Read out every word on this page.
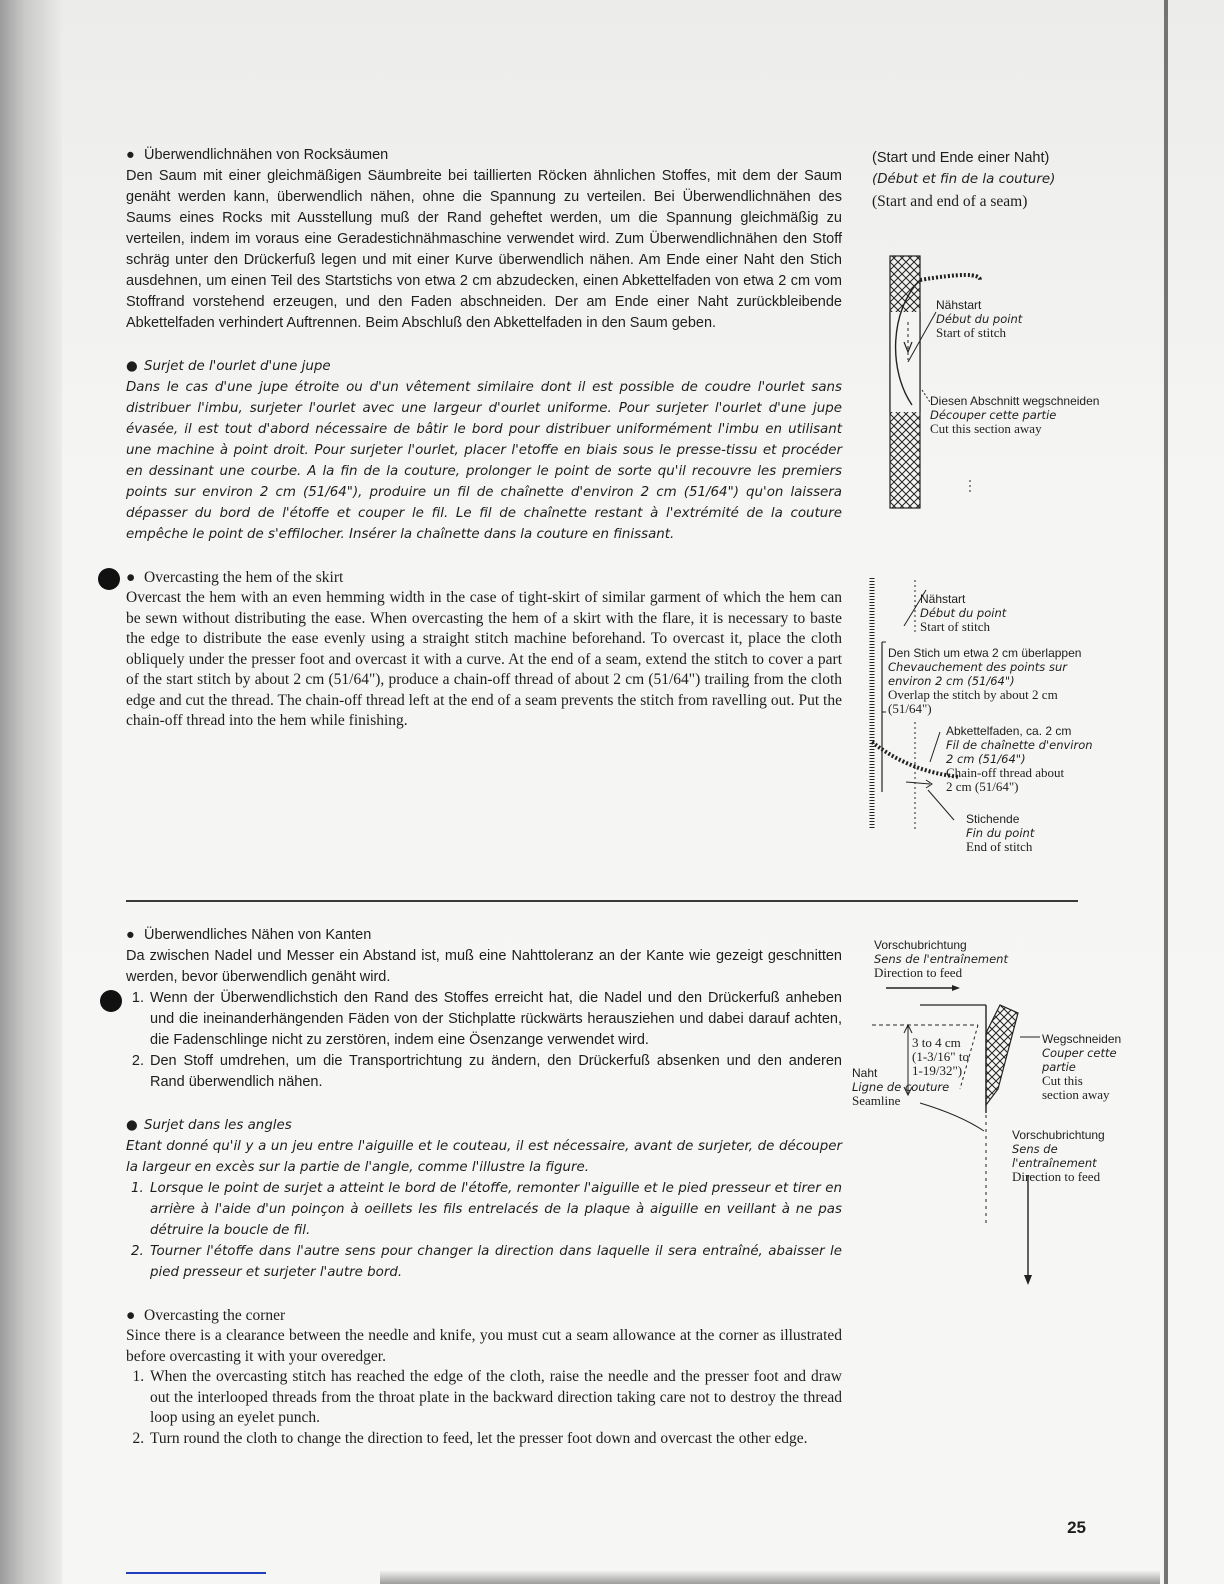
● Überwendlichnähen von Rocksäumen

Den Saum mit einer gleichmäßigen Säumbreite bei taillierten Röcken ähnlichen Stoffes, mit dem der Saum genäht werden kann, überwendlich nähen, ohne die Spannung zu verteilen. Bei Überwendlichnähen des Saums eines Rocks mit Ausstellung muß der Rand geheftet werden, um die Spannung gleichmäßig zu verteilen, indem im voraus eine Geradestichnähmaschine verwendet wird. Zum Überwendlichnähen den Stoff schräg unter den Drückerfuß legen und mit einer Kurve überwendlich nähen. Am Ende einer Naht den Stich ausdehnen, um einen Teil des Startstichs von etwa 2 cm abzudecken, einen Abkettelfaden von etwa 2 cm vom Stoffrand vorstehend erzeugen, und den Faden abschneiden. Der am Ende einer Naht zurückbleibende Abkettelfaden verhindert Auftrennen. Beim Abschluß den Abkettelfaden in den Saum geben.

● Surjet de l'ourlet d'une jupe

Dans le cas d'une jupe étroite ou d'un vêtement similaire dont il est possible de coudre l'ourlet sans distribuer l'imbu, surjeter l'ourlet avec une largeur d'ourlet uniforme. Pour surjeter l'ourlet d'une jupe évasée, il est tout d'abord nécessaire de bâtir le bord pour distribuer uniformément l'imbu en utilisant une machine à point droit. Pour surjeter l'ourlet, placer l'etoffe en biais sous le presse-tissu et procéder en dessinant une courbe. A la fin de la couture, prolonger le point de sorte qu'il recouvre les premiers points sur environ 2 cm (51/64"), produire un fil de chaînette d'environ 2 cm (51/64") qu'on laissera dépasser du bord de l'étoffe et couper le fil. Le fil de chaînette restant à l'extrémité de la couture empêche le point de s'effilocher. Insérer la chaînette dans la couture en finissant.

● Overcasting the hem of the skirt

Overcast the hem with an even hemming width in the case of tight-skirt of similar garment of which the hem can be sewn without distributing the ease. When overcasting the hem of a skirt with the flare, it is necessary to baste the edge to distribute the ease evenly using a straight stitch machine beforehand. To overcast it, place the cloth obliquely under the presser foot and overcast it with a curve. At the end of a seam, extend the stitch to cover a part of the start stitch by about 2 cm (51/64"), produce a chain-off thread of about 2 cm (51/64") trailing from the cloth edge and cut the thread. The chain-off thread left at the end of a seam prevents the stitch from ravelling out. Put the chain-off thread into the hem while finishing.

● Überwendliches Nähen von Kanten

Da zwischen Nadel und Messer ein Abstand ist, muß eine Nahttoleranz an der Kante wie gezeigt geschnitten werden, bevor überwendlich genäht wird.

1. Wenn der Überwendlichstich den Rand des Stoffes erreicht hat, die Nadel und den Drückerfuß anheben und die ineinanderhängenden Fäden von der Stichplatte rückwärts herausziehen und dabei darauf achten, die Fadenschlinge nicht zu zerstören, indem eine Ösenzange verwendet wird.
2. Den Stoff umdrehen, um die Transportrichtung zu ändern, den Drückerfuß absenken und den anderen Rand überwendlich nähen.

● Surjet dans les angles

Etant donné qu'il y a un jeu entre l'aiguille et le couteau, il est nécessaire, avant de surjeter, de découper la largeur en excès sur la partie de l'angle, comme l'illustre la figure.

1. Lorsque le point de surjet a atteint le bord de l'étoffe, remonter l'aiguille et le pied presseur et tirer en arrière à l'aide d'un poinçon à oeillets les fils entrelacés de la plaque à aiguille en veillant à ne pas détruire la boucle de fil.
2. Tourner l'étoffe dans l'autre sens pour changer la direction dans laquelle il sera entraîné, abaisser le pied presseur et surjeter l'autre bord.

● Overcasting the corner

Since there is a clearance between the needle and knife, you must cut a seam allowance at the corner as illustrated before overcasting it with your overedger.

1. When the overcasting stitch has reached the edge of the cloth, raise the needle and the presser foot and draw out the interlooped threads from the throat plate in the backward direction taking care not to destroy the thread loop using an eyelet punch.
2. Turn round the cloth to change the direction to feed, let the presser foot down and overcast the other edge.
(Start und Ende einer Naht)
(Début et fin de la couture)
(Start and end of a seam)
Nähstart
Début du point
Start of stitch
Diesen Abschnitt wegschneiden
Découper cette partie
Cut this section away
Nähstart
Début du point
Start of stitch
Den Stich um etwa 2 cm überlappen
Chevauchement des points sur
environ 2 cm (51/64")
Overlap the stitch by about 2 cm
(51/64")
Abkettelfaden, ca. 2 cm
Fil de chaînette d'environ
2 cm (51/64")
Chain-off thread about
2 cm (51/64")
Stichende
Fin du point
End of stitch
Vorschubrichtung
Sens de l'entraînement
Direction to feed
3 to 4 cm
(1-3/16" to
1-19/32")
Naht
Ligne de couture
Seamline
Wegschneiden
Couper cette
partie
Cut this
section away
Vorschubrichtung
Sens de
l'entraînement
Direction to feed
25
